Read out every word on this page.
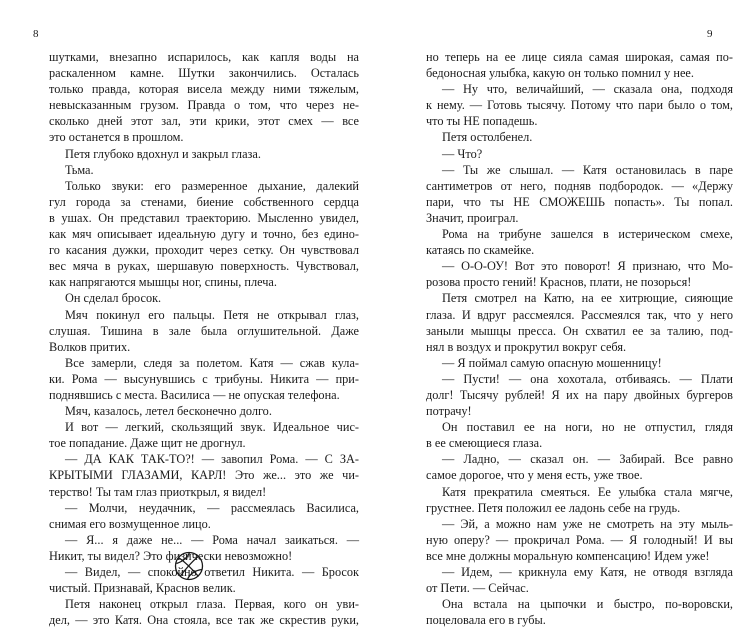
8
шутками, внезапно испарилось, как капля воды на
раскаленном камне. Шутки закончились. Осталась
только правда, которая висела между ними тяжелым,
невысказанным грузом. Правда о том, что через не-
сколько дней этот зал, эти крики, этот смех — все
это останется в прошлом.
Петя глубоко вдохнул и закрыл глаза.
Тьма.
Только звуки: его размеренное дыхание, далекий
гул города за стенами, биение собственного сердца
в ушах. Он представил траекторию. Мысленно увидел,
как мяч описывает идеальную дугу и точно, без едино-
го касания дужки, проходит через сетку. Он чувствовал
вес мяча в руках, шершавую поверхность. Чувствовал,
как напрягаются мышцы ног, спины, плеча.
Он сделал бросок.
Мяч покинул его пальцы. Петя не открывал глаз,
слушая. Тишина в зале была оглушительной. Даже
Волков притих.
Все замерли, следя за полетом. Катя — сжав кула-
ки. Рома — высунувшись с трибуны. Никита — при-
поднявшись с места. Василиса — не опуская телефона.
Мяч, казалось, летел бесконечно долго.
И вот — легкий, скользящий звук. Идеальное чис-
тое попадание. Даже щит не дрогнул.
— ДА КАК ТАК-ТО?! — завопил Рома. — С ЗА-
КРЫТЫМИ ГЛАЗАМИ, КАРЛ! Это же... это же чи-
терство! Ты там глаз приоткрыл, я видел!
— Молчи, неудачник, — рассмеялась Василиса,
снимая его возмущенное лицо.
— Я... я даже не... — Рома начал заикаться. —
Никит, ты видел? Это физически невозможно!
— Видел, — спокойно ответил Никита. — Бросок
чистый. Признавай, Краснов велик.
Петя наконец открыл глаза. Первая, кого он уви-
дел, — это Катя. Она стояла, все так же скрестив руки,
9
но теперь на ее лице сияла самая широкая, самая по-
бедоносная улыбка, какую он только помнил у нее.
— Ну что, величайший, — сказала она, подходя
к нему. — Готовь тысячу. Потому что пари было о том,
что ты НЕ попадешь.
Петя остолбенел.
— Что?
— Ты же слышал. — Катя остановилась в паре
сантиметров от него, подняв подбородок. — «Держу
пари, что ты НЕ СМОЖЕШЬ попасть». Ты попал.
Значит, проиграл.
Рома на трибуне зашелся в истерическом смехе,
катаясь по скамейке.
— О-О-ОУ! Вот это поворот! Я признаю, что Мо-
розова просто гений! Краснов, плати, не позорься!
Петя смотрел на Катю, на ее хитрющие, сияющие
глаза. И вдруг рассмеялся. Рассмеялся так, что у него
заныли мышцы пресса. Он схватил ее за талию, под-
нял в воздух и прокрутил вокруг себя.
— Я поймал самую опасную мошенницу!
— Пусти! — она хохотала, отбиваясь. — Плати
долг! Тысячу рублей! Я их на пару двойных бургеров
потрачу!
Он поставил ее на ноги, но не отпустил, глядя
в ее смеющиеся глаза.
— Ладно, — сказал он. — Забирай. Все равно
самое дорогое, что у меня есть, уже твое.
Катя прекратила смеяться. Ее улыбка стала мягче,
грустнее. Петя положил ее ладонь себе на грудь.
— Эй, а можно нам уже не смотреть на эту мыль-
ную оперу? — прокричал Рома. — Я голодный! И вы
все мне должны моральную компенсацию! Идем уже!
— Идем, — крикнула ему Катя, не отводя взгляда
от Пети. — Сейчас.
Она встала на цыпочки и быстро, по-воровски,
поцеловала его в губы.
